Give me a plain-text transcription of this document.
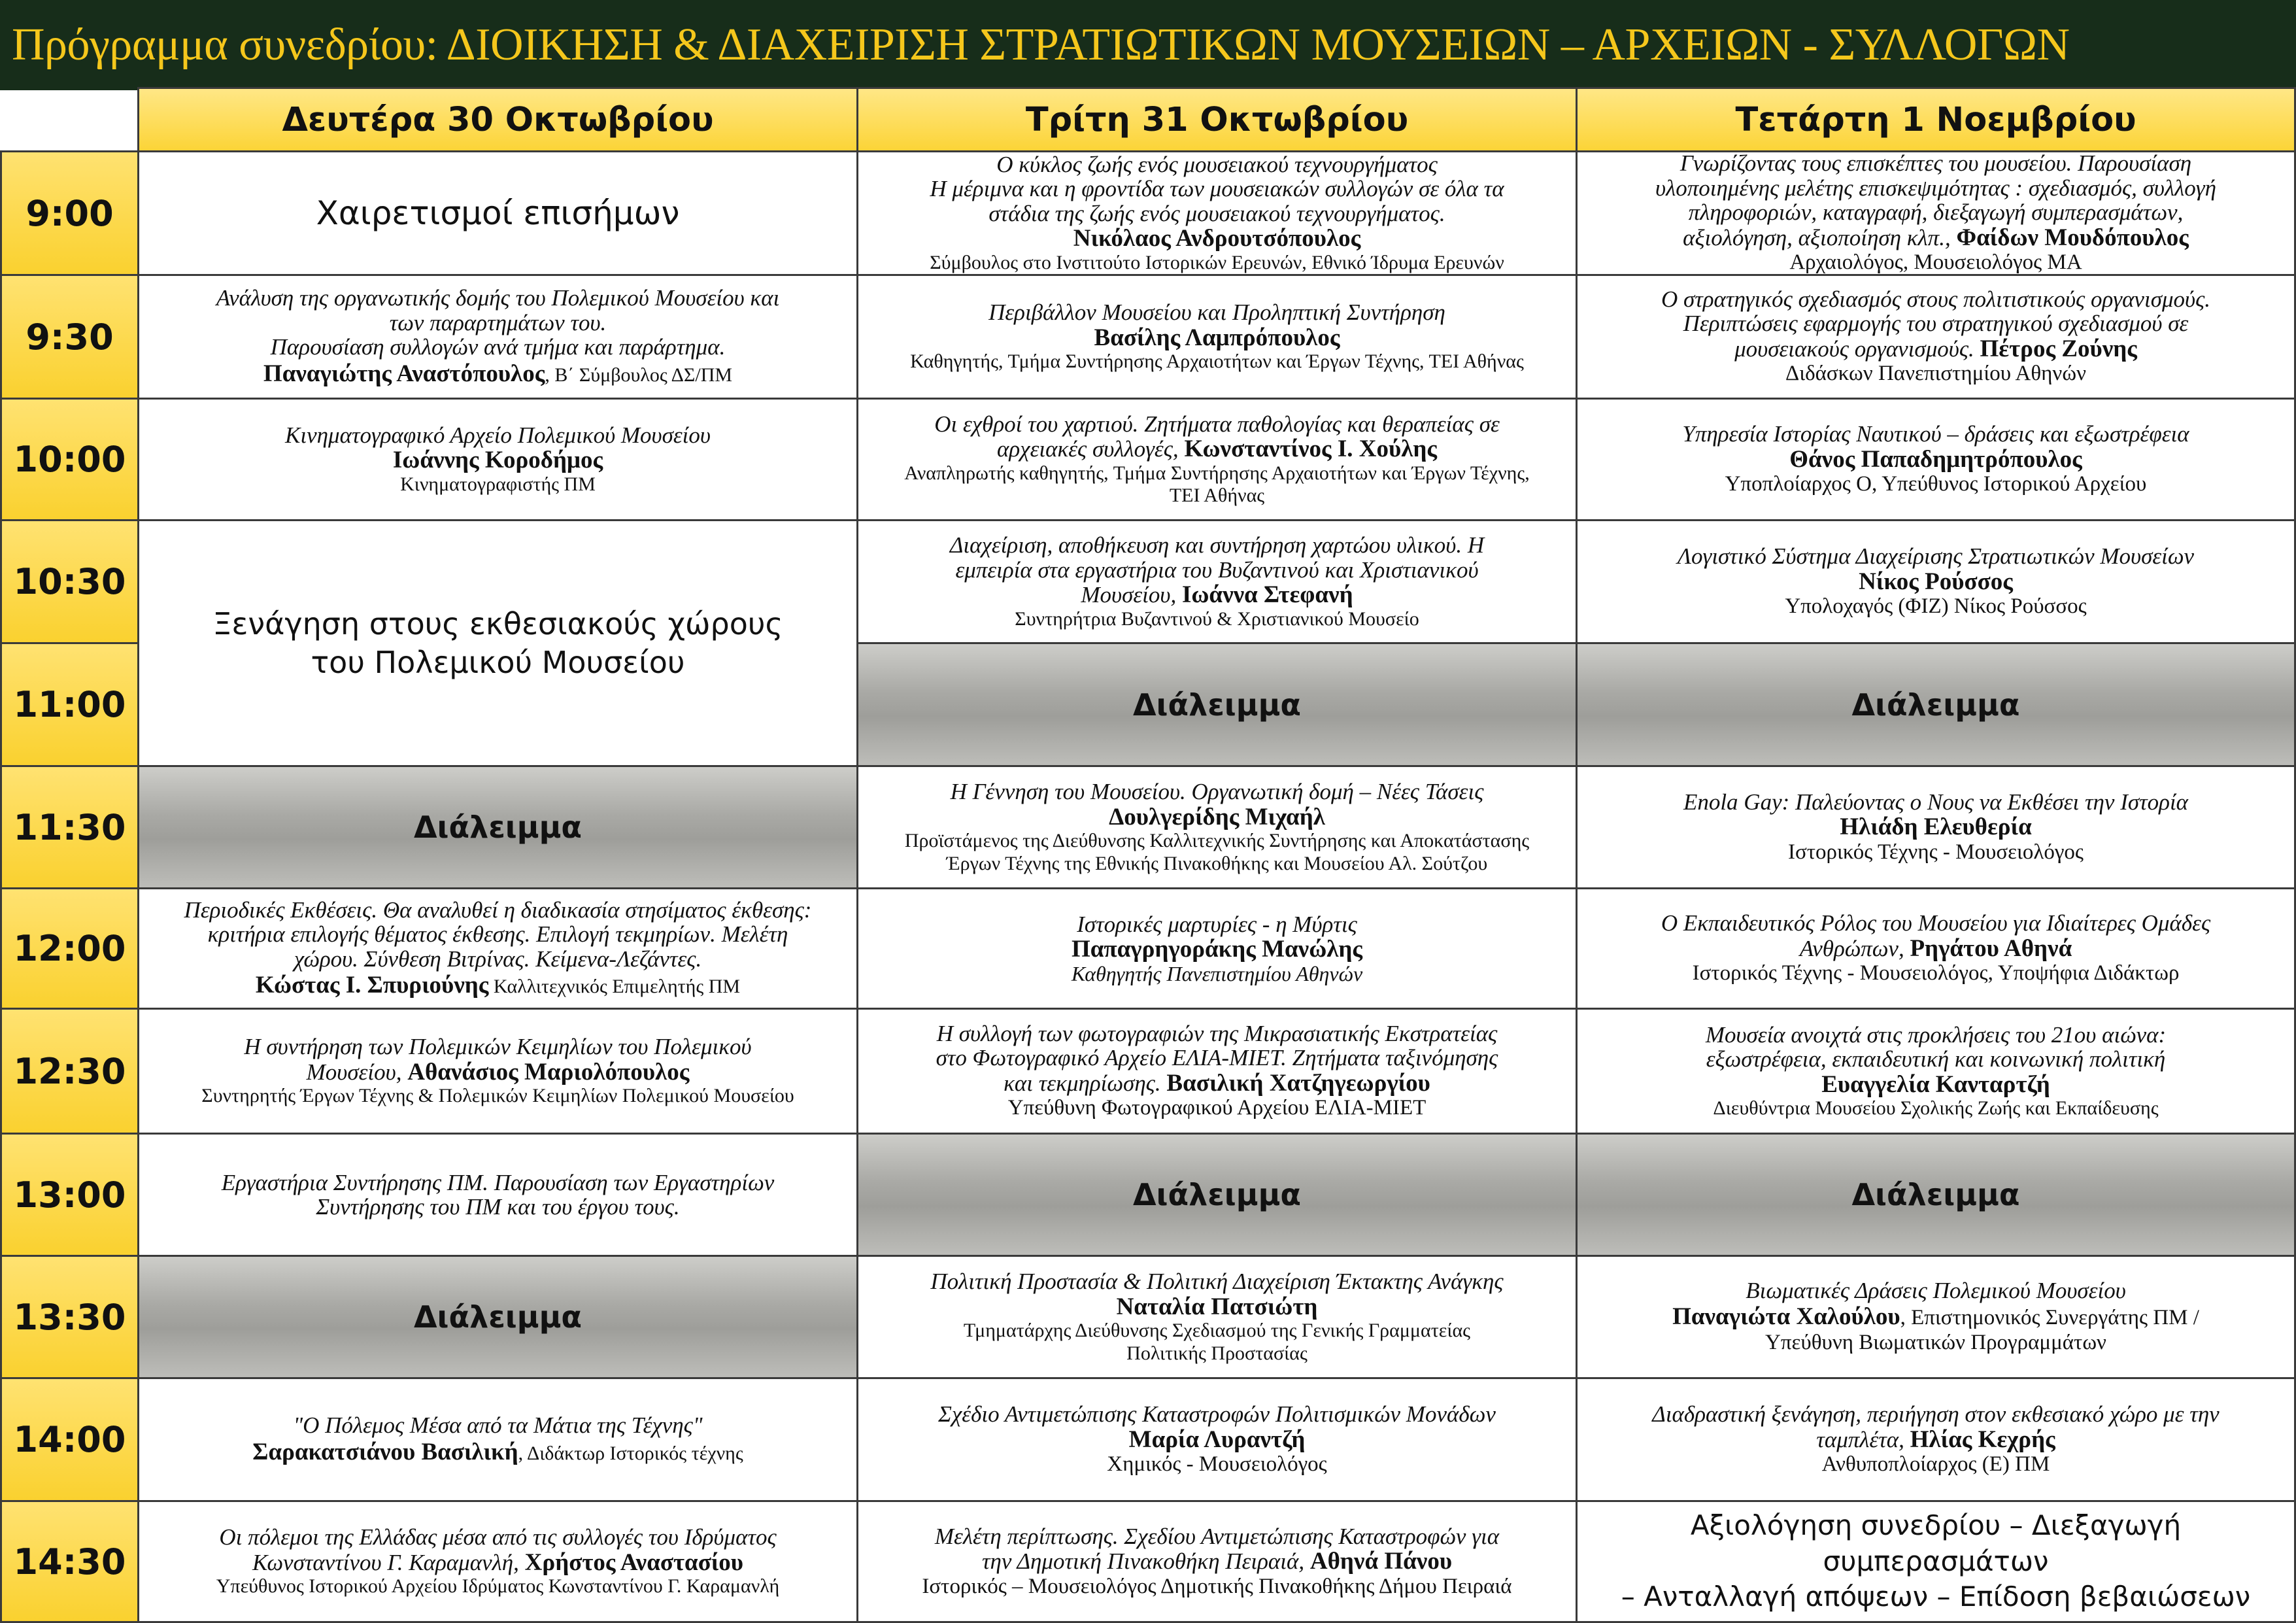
Πρόγραμμα συνεδρίου: ΔΙΟΙΚΗΣΗ & ΔΙΑΧΕΙΡΙΣΗ ΣΤΡΑΤΙΩΤΙΚΩΝ ΜΟΥΣΕΙΩΝ – ΑΡΧΕΙΩΝ - ΣΥΛΛΟΓΩΝ
Δευτέρα 30 Οκτωβρίου	Τρίτη 31 Οκτωβρίου	Τετάρτη 1 Νοεμβρίου
9:00
9:30
10:00
10:30
11:00
11:30
12:00
12:30
13:00
13:30
14:00
14:30
Χαιρετισμοί επισήμων
Ανάλυση της οργανωτικής δομής του Πολεμικού Μουσείου και
των παραρτημάτων του.
Παρουσίαση συλλογών ανά τμήμα και παράρτημα.
Παναγιώτης Αναστόπουλος, Β΄ Σύμβουλος ΔΣ/ΠΜ
Κινηματογραφικό Αρχείο Πολεμικού Μουσείου
Ιωάννης Κοροδήμος
Κινηματογραφιστής ΠΜ
Ξενάγηση στους εκθεσιακούς χώρους
του Πολεμικού Μουσείου
Διάλειμμα
Περιοδικές Εκθέσεις. Θα αναλυθεί η διαδικασία στησίματος έκθεσης:
κριτήρια επιλογής θέματος έκθεσης. Επιλογή τεκμηρίων. Μελέτη
χώρου. Σύνθεση Βιτρίνας. Κείμενα-Λεζάντες.
Κώστας Ι. Σπυριούνης Καλλιτεχνικός Επιμελητής ΠΜ
Η συντήρηση των Πολεμικών Κειμηλίων του Πολεμικού
Μουσείου, Αθανάσιος Μαριολόπουλος
Συντηρητής Έργων Τέχνης & Πολεμικών Κειμηλίων Πολεμικού Μουσείου
Εργαστήρια Συντήρησης ΠΜ. Παρουσίαση των Εργαστηρίων
Συντήρησης του ΠΜ και του έργου τους.
Διάλειμμα
"Ο Πόλεμος Μέσα από τα Μάτια της Τέχνης"
Σαρακατσιάνου Βασιλική, Διδάκτωρ Ιστορικός τέχνης
Οι πόλεμοι της Ελλάδας μέσα από τις συλλογές του Ιδρύματος
Κωνσταντίνου Γ. Καραμανλή, Χρήστος Αναστασίου
Υπεύθυνος Ιστορικού Αρχείου Ιδρύματος Κωνσταντίνου Γ. Καραμανλή
Ο κύκλος ζωής ενός μουσειακού τεχνουργήματος
Η μέριμνα και η φροντίδα των μουσειακών συλλογών σε όλα τα
στάδια της ζωής ενός μουσειακού τεχνουργήματος.
Νικόλαος Ανδρουτσόπουλος
Σύμβουλος στο Ινστιτούτο Ιστορικών Ερευνών, Εθνικό Ίδρυμα Ερευνών
Περιβάλλον Μουσείου και Προληπτική Συντήρηση
Βασίλης Λαμπρόπουλος
Καθηγητής, Τμήμα Συντήρησης Αρχαιοτήτων και Έργων Τέχνης, ΤΕΙ Αθήνας
Οι εχθροί του χαρτιού. Ζητήματα παθολογίας και θεραπείας σε
αρχειακές συλλογές, Κωνσταντίνος Ι. Χούλης
Αναπληρωτής καθηγητής, Τμήμα Συντήρησης Αρχαιοτήτων και Έργων Τέχνης,
ΤΕΙ Αθήνας
Διαχείριση, αποθήκευση και συντήρηση χαρτώου υλικού. Η
εμπειρία στα εργαστήρια του Βυζαντινού και Χριστιανικού
Μουσείου, Ιωάννα Στεφανή
Συντηρήτρια Βυζαντινού & Χριστιανικού Μουσείο
Διάλειμμα
Η Γέννηση του Μουσείου. Οργανωτική δομή – Νέες Τάσεις
Δουλγερίδης Μιχαήλ
Προϊστάμενος της Διεύθυνσης Καλλιτεχνικής Συντήρησης και Αποκατάστασης
Έργων Τέχνης της Εθνικής Πινακοθήκης και Μουσείου Αλ. Σούτζου
Ιστορικές μαρτυρίες - η Μύρτις
Παπαγρηγοράκης Μανώλης
Καθηγητής Πανεπιστημίου Αθηνών
Η συλλογή των φωτογραφιών της Μικρασιατικής Εκστρατείας
στο Φωτογραφικό Αρχείο ΕΛΙΑ-ΜΙΕΤ. Ζητήματα ταξινόμησης
και τεκμηρίωσης. Βασιλική Χατζηγεωργίου
Υπεύθυνη Φωτογραφικού Αρχείου ΕΛΙΑ-ΜΙΕΤ
Διάλειμμα
Πολιτική Προστασία & Πολιτική Διαχείριση Έκτακτης Ανάγκης
Ναταλία Πατσιώτη
Τμηματάρχης Διεύθυνσης Σχεδιασμού της Γενικής Γραμματείας
Πολιτικής Προστασίας
Σχέδιο Αντιμετώπισης Καταστροφών Πολιτισμικών Μονάδων
Μαρία Λυραντζή
Χημικός - Μουσειολόγος
Μελέτη περίπτωσης. Σχεδίου Αντιμετώπισης Καταστροφών για
την Δημοτική Πινακοθήκη Πειραιά, Αθηνά Πάνου
Ιστορικός – Μουσειολόγος Δημοτικής Πινακοθήκης Δήμου Πειραιά
Γνωρίζοντας τους επισκέπτες του μουσείου. Παρουσίαση
υλοποιημένης μελέτης επισκεψιμότητας : σχεδιασμός, συλλογή
πληροφοριών, καταγραφή, διεξαγωγή συμπερασμάτων,
αξιολόγηση, αξιοποίηση κλπ., Φαίδων Μουδόπουλος
Αρχαιολόγος, Μουσειολόγος ΜΑ
Ο στρατηγικός σχεδιασμός στους πολιτιστικούς οργανισμούς.
Περιπτώσεις εφαρμογής του στρατηγικού σχεδιασμού σε
μουσειακούς οργανισμούς. Πέτρος Ζούνης
Διδάσκων Πανεπιστημίου Αθηνών
Υπηρεσία Ιστορίας Ναυτικού – δράσεις και εξωστρέφεια
Θάνος Παπαδημητρόπουλος
Υποπλοίαρχος Ο, Υπεύθυνος Ιστορικού Αρχείου
Λογιστικό Σύστημα Διαχείρισης Στρατιωτικών Μουσείων
Νίκος Ρούσσος
Υπολοχαγός (ΦΙΖ) Νίκος Ρούσσος
Διάλειμμα
Enola Gay: Παλεύοντας ο Νους να Εκθέσει την Ιστορία
Ηλιάδη Ελευθερία
Ιστορικός Τέχνης - Μουσειολόγος
Ο Εκπαιδευτικός Ρόλος του Μουσείου για Ιδιαίτερες Ομάδες
Ανθρώπων, Ρηγάτου Αθηνά
Ιστορικός Τέχνης - Μουσειολόγος, Υποψήφια Διδάκτωρ
Μουσεία ανοιχτά στις προκλήσεις του 21ου αιώνα:
εξωστρέφεια, εκπαιδευτική και κοινωνική πολιτική
Ευαγγελία Κανταρτζή
Διευθύντρια Μουσείου Σχολικής Ζωής και Εκπαίδευσης
Διάλειμμα
Βιωματικές Δράσεις Πολεμικού Μουσείου
Παναγιώτα Χαλούλου, Επιστημονικός Συνεργάτης ΠΜ /
Υπεύθυνη Βιωματικών Προγραμμάτων
Διαδραστική ξενάγηση, περιήγηση στον εκθεσιακό χώρο με την
ταμπλέτα, Ηλίας Κεχρής
Ανθυποπλοίαρχος (Ε) ΠΜ
Αξιολόγηση συνεδρίου – Διεξαγωγή συμπερασμάτων
– Ανταλλαγή απόψεων – Επίδοση βεβαιώσεων
